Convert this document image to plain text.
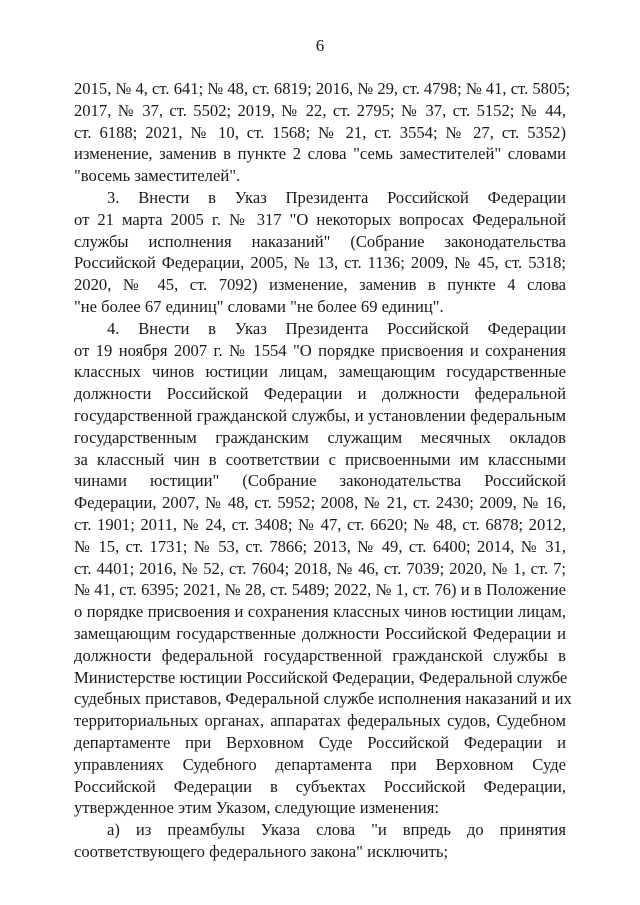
6
2015, № 4, ст. 641; № 48, ст. 6819; 2016, № 29, ст. 4798; № 41, ст. 5805;
2017, № 37, ст. 5502; 2019, № 22, ст. 2795; № 37, ст. 5152; № 44,
ст. 6188; 2021, № 10, ст. 1568; № 21, ст. 3554; № 27, ст. 5352)
изменение, заменив в пункте 2 слова "семь заместителей" словами
"восемь заместителей".
3. Внести в Указ Президента Российской Федерации
от 21 марта 2005 г. № 317 "О некоторых вопросах Федеральной
службы исполнения наказаний" (Собрание законодательства
Российской Федерации, 2005, № 13, ст. 1136; 2009, № 45, ст. 5318;
2020, № 45, ст. 7092) изменение, заменив в пункте 4 слова
"не более 67 единиц" словами "не более 69 единиц".
4. Внести в Указ Президента Российской Федерации
от 19 ноября 2007 г. № 1554 "О порядке присвоения и сохранения
классных чинов юстиции лицам, замещающим государственные
должности Российской Федерации и должности федеральной
государственной гражданской службы, и установлении федеральным
государственным гражданским служащим месячных окладов
за классный чин в соответствии с присвоенными им классными
чинами юстиции" (Собрание законодательства Российской
Федерации, 2007, № 48, ст. 5952; 2008, № 21, ст. 2430; 2009, № 16,
ст. 1901; 2011, № 24, ст. 3408; № 47, ст. 6620; № 48, ст. 6878; 2012,
№ 15, ст. 1731; № 53, ст. 7866; 2013, № 49, ст. 6400; 2014, № 31,
ст. 4401; 2016, № 52, ст. 7604; 2018, № 46, ст. 7039; 2020, № 1, ст. 7;
№ 41, ст. 6395; 2021, № 28, ст. 5489; 2022, № 1, ст. 76) и в Положение
о порядке присвоения и сохранения классных чинов юстиции лицам,
замещающим государственные должности Российской Федерации и
должности федеральной государственной гражданской службы в
Министерстве юстиции Российской Федерации, Федеральной службе
судебных приставов, Федеральной службе исполнения наказаний и их
территориальных органах, аппаратах федеральных судов, Судебном
департаменте при Верховном Суде Российской Федерации и
управлениях Судебного департамента при Верховном Суде
Российской Федерации в субъектах Российской Федерации,
утвержденное этим Указом, следующие изменения:
а) из преамбулы Указа слова "и впредь до принятия
соответствующего федерального закона" исключить;
